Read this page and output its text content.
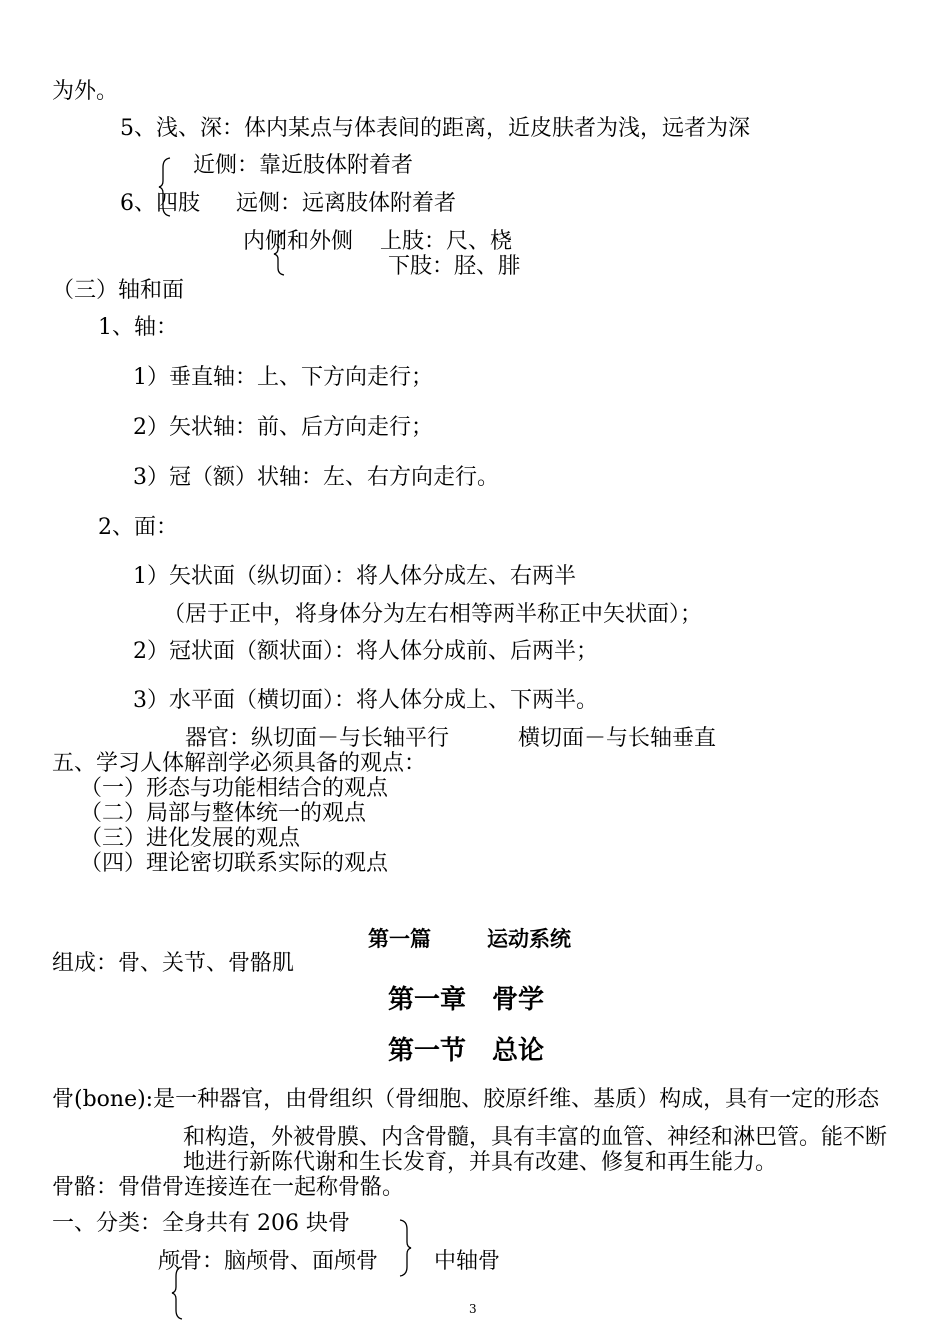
为外。
5、浅、深：体内某点与体表间的距离，近皮肤者为浅，远者为深
近侧：靠近肢体附着者
6、四肢 远侧：远离肢体附着者
内侧和外侧 上肢：尺、桡
下肢：胫、腓
（三）轴和面
1、轴：
1）垂直轴：上、下方向走行；
2）矢状轴：前、后方向走行；
3）冠（额）状轴：左、右方向走行。
2、面：
1）矢状面（纵切面）：将人体分成左、右两半
（居于正中，将身体分为左右相等两半称正中矢状面）；
2）冠状面（额状面）：将人体分成前、后两半；
3）水平面（横切面）：将人体分成上、下两半。
器官：纵切面－与长轴平行	横切面－与长轴垂直
五、学习人体解剖学必须具备的观点：
（一）形态与功能相结合的观点
（二）局部与整体统一的观点
（三）进化发展的观点
（四）理论密切联系实际的观点
第一篇	运动系统
组成：骨、关节、骨骼肌
第一章　骨学
第一节　总论
骨(bone):是一种器官，由骨组织（骨细胞、胶原纤维、基质）构成，具有一定的形态
和构造，外被骨膜、内含骨髓，具有丰富的血管、神经和淋巴管。能不断
地进行新陈代谢和生长发育，并具有改建、修复和再生能力。
骨骼：骨借骨连接连在一起称骨骼。
一、分类：全身共有 206 块骨
颅骨：脑颅骨、面颅骨	中轴骨
3
